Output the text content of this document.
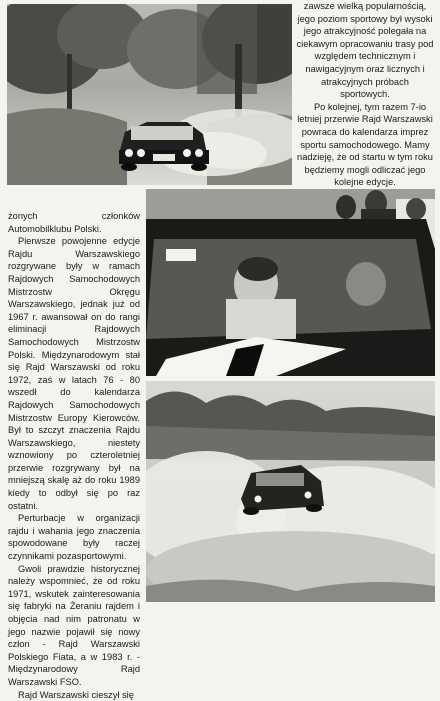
zawsze wielką popularnością, jego poziom sportowy był wysoki jego atrakcyjność polegała na ciekawym opracowaniu trasy pod względem technicznym i nawigacyjnym oraz licznych i atrakcyjnych próbach sportowych.

Po kolejnej, tym razem 7-io letniej przerwie Rajd Warszawski powraca do kalendarza imprez sportu samochodowego. Mamy nadzieję, że od startu w tym roku będziemy mogli odliczać jego kolejne edycje.

żonych członków Automobilklubu Polski.

Pierwsze powojenne edycje Rajdu Warszawskiego rozgrywane były w ramach Rajdowych Samochodowych Mistrzostw Okręgu Warszawskiego, jednak już od 1967 r. awansował on do rangi eliminacji Rajdowych Samochodowych Mistrzostw Polski. Międzynarodowym stał się Rajd Warszawski od roku 1972, zaś w latach 76 - 80 wszedł do kalendarza Rajdowych Samochodowych Mistrzostw Europy Kierowców. Był to szczyt znaczenia Rajdu Warszawskiego, niestety wznowiony po czteroletniej przerwie rozgrywany był na mniejszą skalę aż do roku 1989 kiedy to odbył się po raz ostatni.

Perturbacje w organizacji rajdu i wahania jego znaczenia spowodowane były raczej czynnikami pozasportowymi.

Gwoli prawdzie historycznej należy wspomnieć, że od roku 1971, wskutek zainteresowania się fabryki na Żeraniu rajdem i objęcia nad nim patronatu w jego nazwie pojawił się nowy człon - Rajd Warszawski Polskiego Fiata, a w 1983 r. - Międzynarodowy Rajd Warszawski FSO.

Rajd Warszawski cieszył się
